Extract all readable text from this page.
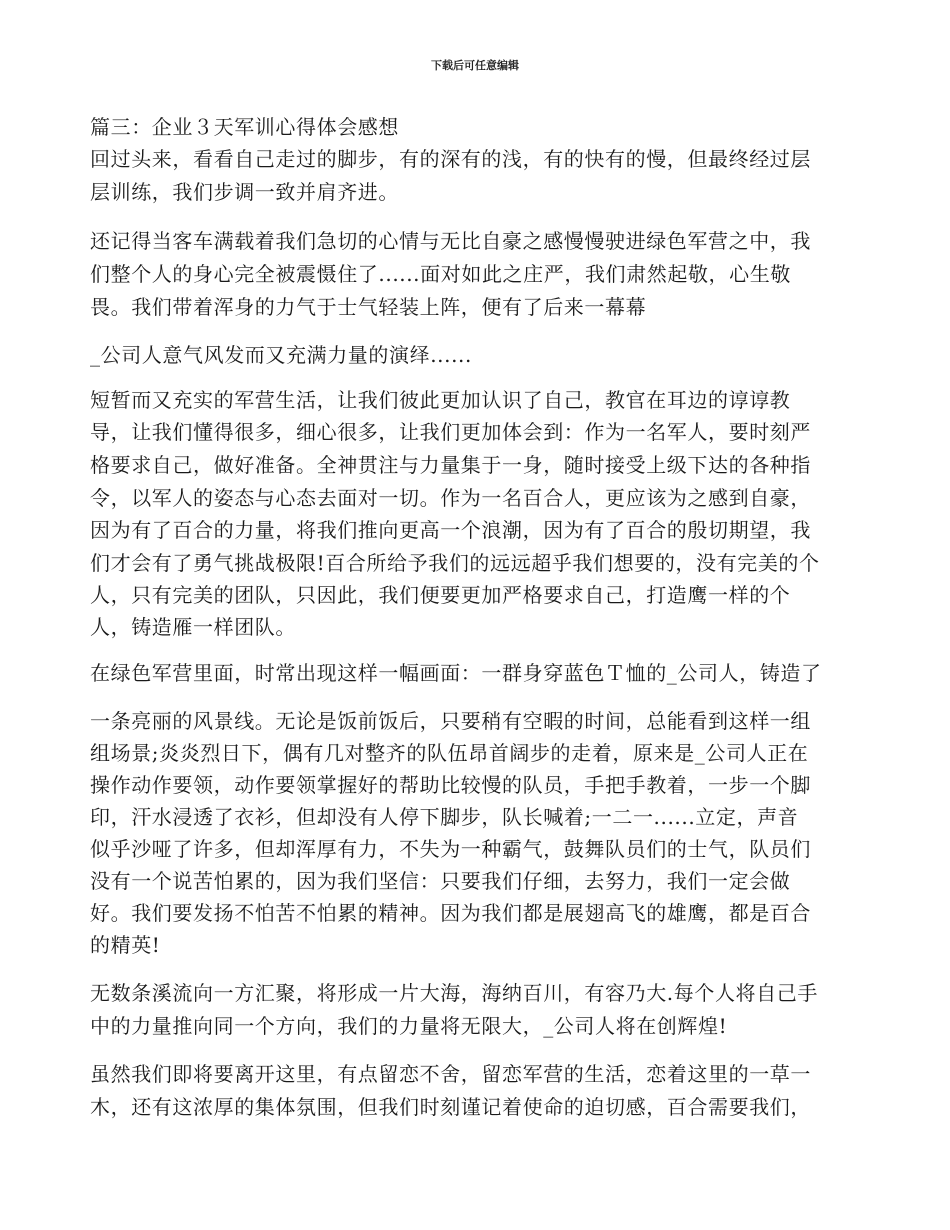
下载后可任意编辑
篇三：企业３天军训心得体会感想
回过头来，看看自己走过的脚步，有的深有的浅，有的快有的慢，但最终经过层
层训练，我们步调一致并肩齐进。
还记得当客车满载着我们急切的心情与无比自豪之感慢慢驶进绿色军营之中，我
们整个人的身心完全被震慑住了......面对如此之庄严，我们肃然起敬，心生敬
畏。我们带着浑身的力气于士气轻装上阵，便有了后来一幕幕
_公司人意气风发而又充满力量的演绎......
短暂而又充实的军营生活，让我们彼此更加认识了自己，教官在耳边的谆谆教
导，让我们懂得很多，细心很多，让我们更加体会到：作为一名军人，要时刻严
格要求自己，做好准备。全神贯注与力量集于一身，随时接受上级下达的各种指
令，以军人的姿态与心态去面对一切。作为一名百合人，更应该为之感到自豪，
因为有了百合的力量，将我们推向更高一个浪潮，因为有了百合的殷切期望，我
们才会有了勇气挑战极限!百合所给予我们的远远超乎我们想要的，没有完美的个
人，只有完美的团队，只因此，我们便要更加严格要求自己，打造鹰一样的个
人，铸造雁一样团队。
在绿色军营里面，时常出现这样一幅画面：一群身穿蓝色Ｔ恤的_公司人，铸造了
一条亮丽的风景线。无论是饭前饭后，只要稍有空暇的时间，总能看到这样一组
组场景;炎炎烈日下，偶有几对整齐的队伍昂首阔步的走着，原来是_公司人正在
操作动作要领，动作要领掌握好的帮助比较慢的队员，手把手教着，一步一个脚
印，汗水浸透了衣衫，但却没有人停下脚步，队长喊着;一二一......立定，声音
似乎沙哑了许多，但却浑厚有力，不失为一种霸气，鼓舞队员们的士气，队员们
没有一个说苦怕累的，因为我们坚信：只要我们仔细，去努力，我们一定会做
好。我们要发扬不怕苦不怕累的精神。因为我们都是展翅高飞的雄鹰，都是百合
的精英!
无数条溪流向一方汇聚，将形成一片大海，海纳百川，有容乃大.每个人将自己手
中的力量推向同一个方向，我们的力量将无限大，_公司人将在创辉煌!
虽然我们即将要离开这里，有点留恋不舍，留恋军营的生活，恋着这里的一草一
木，还有这浓厚的集体氛围，但我们时刻谨记着使命的迫切感，百合需要我们，
